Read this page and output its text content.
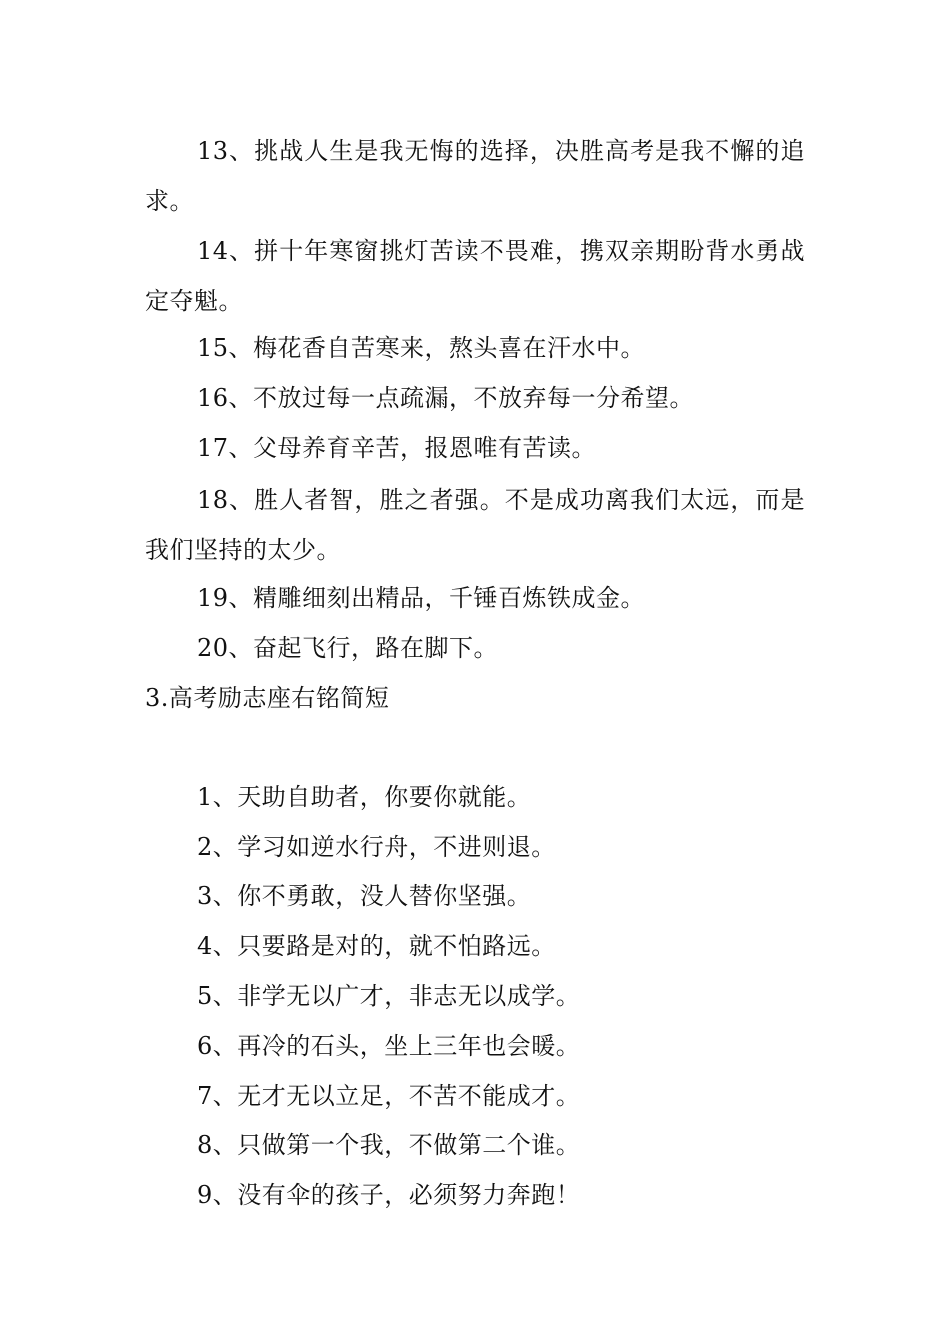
13、挑战人生是我无悔的选择，决胜高考是我不懈的追求。
14、拼十年寒窗挑灯苦读不畏难，携双亲期盼背水勇战定夺魁。
15、梅花香自苦寒来，熬头喜在汗水中。
16、不放过每一点疏漏，不放弃每一分希望。
17、父母养育辛苦，报恩唯有苦读。
18、胜人者智，胜之者强。不是成功离我们太远，而是我们坚持的太少。
19、精雕细刻出精品，千锤百炼铁成金。
20、奋起飞行，路在脚下。
3.高考励志座右铭简短
1、天助自助者，你要你就能。
2、学习如逆水行舟，不进则退。
3、你不勇敢，没人替你坚强。
4、只要路是对的，就不怕路远。
5、非学无以广才，非志无以成学。
6、再冷的石头，坐上三年也会暖。
7、无才无以立足，不苦不能成才。
8、只做第一个我，不做第二个谁。
9、没有伞的孩子，必须努力奔跑！
